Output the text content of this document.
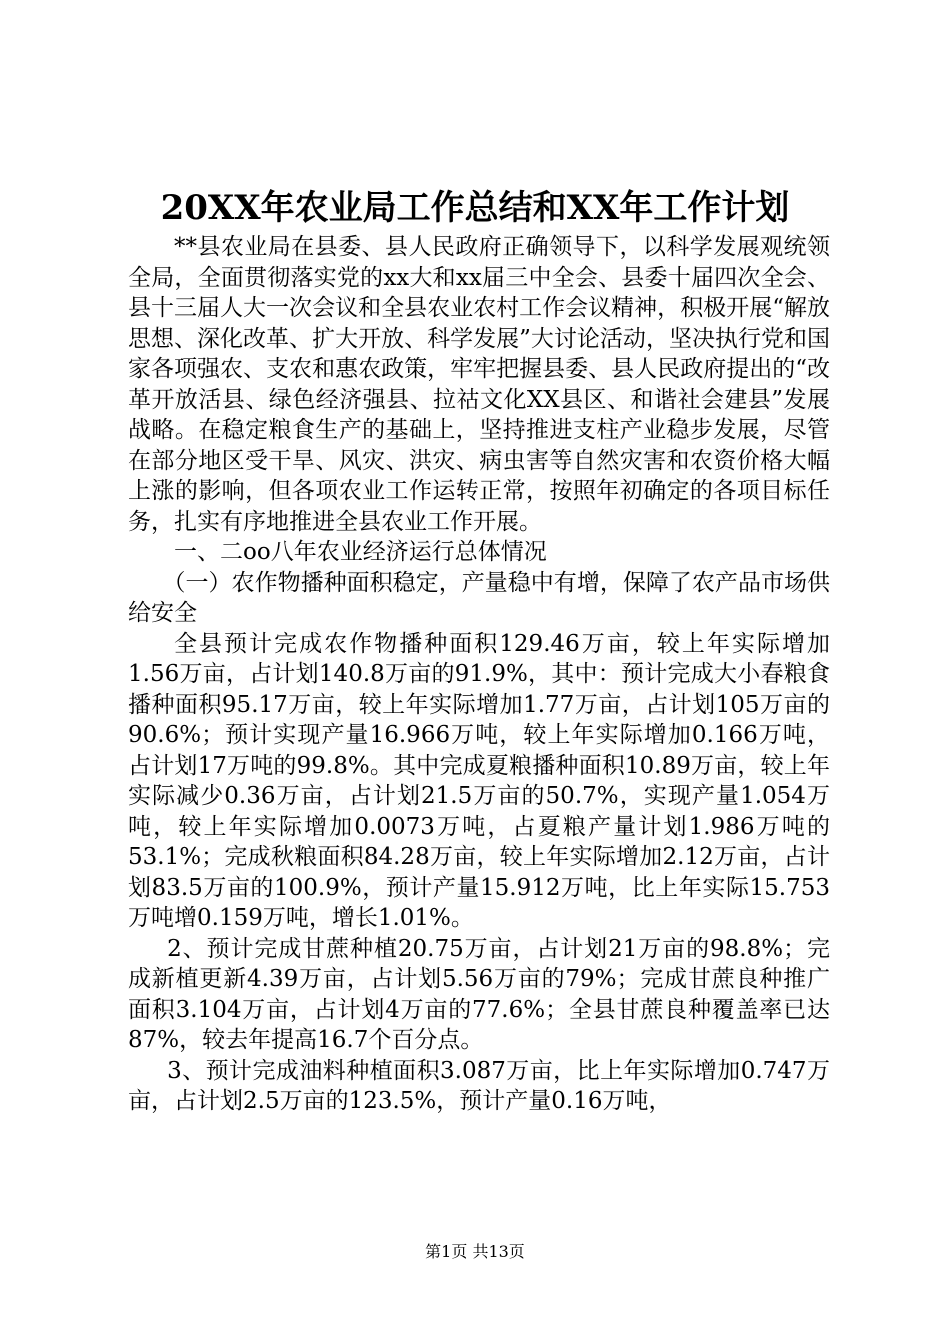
20XX年农业局工作总结和XX年工作计划

**县农业局在县委、县人民政府正确领导下，以科学发展观统领全局，全面贯彻落实党的xx大和xx届三中全会、县委十届四次全会、县十三届人大一次会议和全县农业农村工作会议精神，积极开展“解放思想、深化改革、扩大开放、科学发展”大讨论活动，坚决执行党和国家各项强农、支农和惠农政策，牢牢把握县委、县人民政府提出的“改革开放活县、绿色经济强县、拉祜文化XX县区、和谐社会建县”发展战略。在稳定粮食生产的基础上，坚持推进支柱产业稳步发展，尽管在部分地区受干旱、风灾、洪灾、病虫害等自然灾害和农资价格大幅上涨的影响，但各项农业工作运转正常，按照年初确定的各项目标任务，扎实有序地推进全县农业工作开展。

一、二oo八年农业经济运行总体情况

（一）农作物播种面积稳定，产量稳中有增，保障了农产品市场供给安全

全县预计完成农作物播种面积129.46万亩，较上年实际增加1.56万亩，占计划140.8万亩的91.9%，其中：预计完成大小春粮食播种面积95.17万亩，较上年实际增加1.77万亩，占计划105万亩的90.6%；预计实现产量16.966万吨，较上年实际增加0.166万吨，占计划17万吨的99.8%。其中完成夏粮播种面积10.89万亩，较上年实际减少0.36万亩，占计划21.5万亩的50.7%，实现产量1.054万吨，较上年实际增加0.0073万吨，占夏粮产量计划1.986万吨的53.1%；完成秋粮面积84.28万亩，较上年实际增加2.12万亩，占计划83.5万亩的100.9%，预计产量15.912万吨，比上年实际15.753万吨增0.159万吨，增长1.01%。

2、预计完成甘蔗种植20.75万亩，占计划21万亩的98.8%；完成新植更新4.39万亩，占计划5.56万亩的79%；完成甘蔗良种推广面积3.104万亩，占计划4万亩的77.6%；全县甘蔗良种覆盖率已达87%，较去年提高16.7个百分点。

3、预计完成油料种植面积3.087万亩，比上年实际增加0.747万亩，占计划2.5万亩的123.5%，预计产量0.16万吨，

第1页 共13页
